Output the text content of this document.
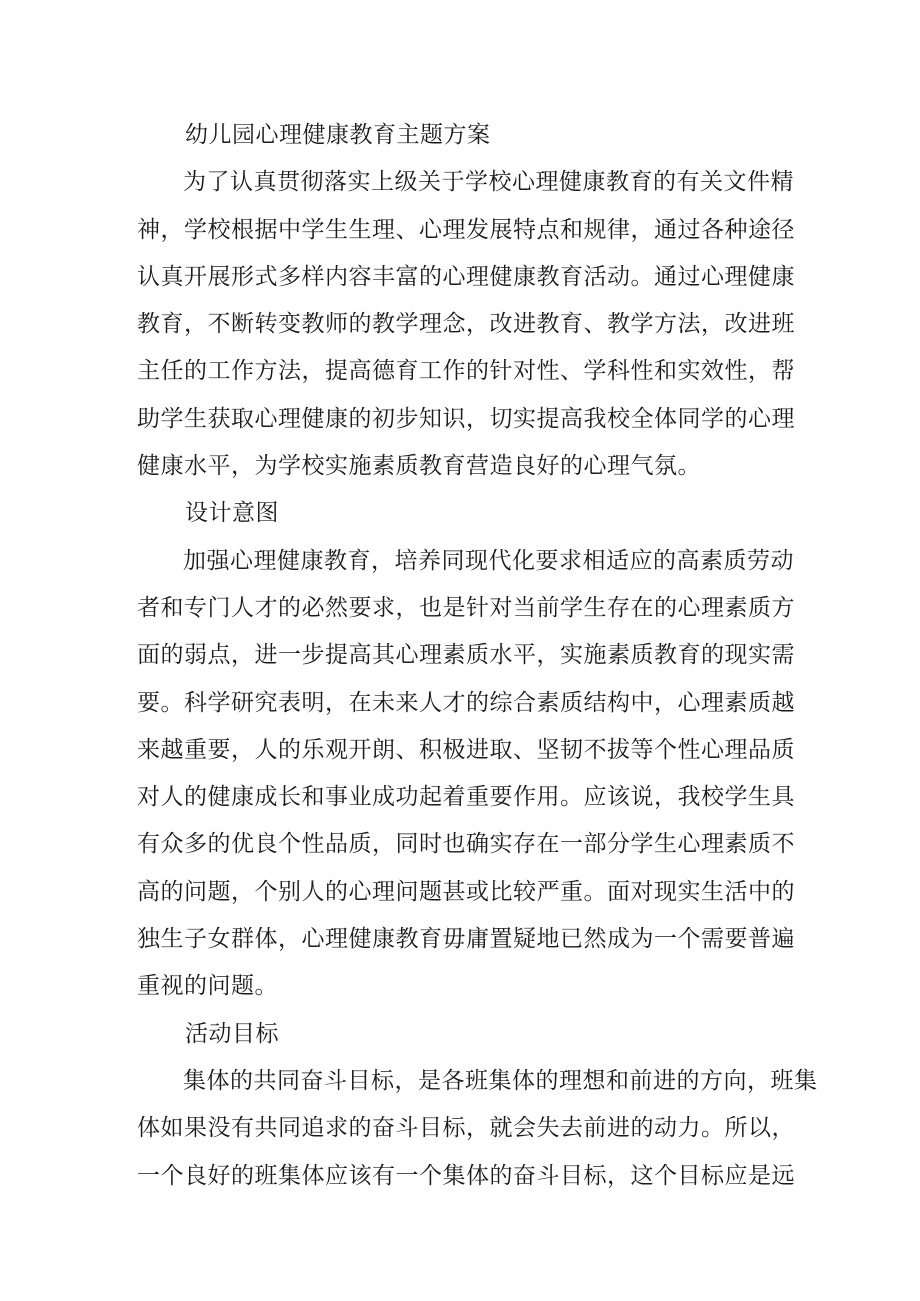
幼儿园心理健康教育主题方案
为了认真贯彻落实上级关于学校心理健康教育的有关文件精
神，学校根据中学生生理、心理发展特点和规律，通过各种途径
认真开展形式多样内容丰富的心理健康教育活动。通过心理健康
教育，不断转变教师的教学理念，改进教育、教学方法，改进班
主任的工作方法，提高德育工作的针对性、学科性和实效性，帮
助学生获取心理健康的初步知识，切实提高我校全体同学的心理
健康水平，为学校实施素质教育营造良好的心理气氛。
设计意图
加强心理健康教育，培养同现代化要求相适应的高素质劳动
者和专门人才的必然要求，也是针对当前学生存在的心理素质方
面的弱点，进一步提高其心理素质水平，实施素质教育的现实需
要。科学研究表明，在未来人才的综合素质结构中，心理素质越
来越重要，人的乐观开朗、积极进取、坚韧不拔等个性心理品质
对人的健康成长和事业成功起着重要作用。应该说，我校学生具
有众多的优良个性品质，同时也确实存在一部分学生心理素质不
高的问题，个别人的心理问题甚或比较严重。面对现实生活中的
独生子女群体，心理健康教育毋庸置疑地已然成为一个需要普遍
重视的问题。
活动目标
集体的共同奋斗目标，是各班集体的理想和前进的方向，班集
体如果没有共同追求的奋斗目标，就会失去前进的动力。所以，
一个良好的班集体应该有一个集体的奋斗目标，这个目标应是远
